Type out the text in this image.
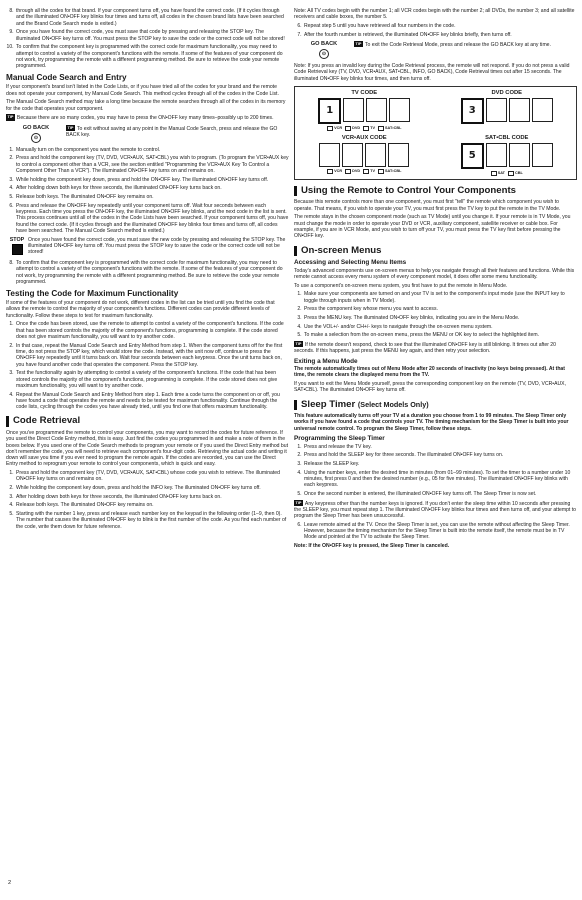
8. through all the codes for that brand. If your component turns off, you have found the correct code. (If it cycles through and the illuminated ON•OFF key blinks four times and turns off, all codes in the chosen brand lists have been searched and the Brand Code Search mode is exited.)
9. Once you have found the correct code, you must save that code by pressing and releasing the STOP key. The illuminated ON•OFF key turns off. You must press the STOP key to save the code or the correct code will not be stored!
10. To confirm that the component key is programmed with the correct code for maximum functionality, you may need to attempt to control a variety of the component's functions with the remote. If some of the features of your component do not work, try programming the remote with a different programming method. Be sure to retrieve the code your remote programmed.
Manual Code Search and Entry

If your component's brand isn't listed in the Code Lists, or if you have tried all of the codes for your brand and the remote does not operate your component, try Manual Code Search. This method cycles through all of the codes in the Code List.

The Manual Code Search method may take a long time because the remote searches through all of the codes in its memory for the code that operates your component.

TIP Because there are so many codes, you may have to press the ON•OFF key many times–possibly up to 200 times.

GO BACK
⊙
TIP To exit without saving at any point in the Manual Code Search, press and release the GO BACK key.
1. Manually turn on the component you want the remote to control.
2. Press and hold the component key (TV, DVD, VCR•AUX, SAT•CBL) you wish to program. (To program the VCR•AUX key to control a component other than a VCR, see the section entitled "Programming the VCR•AUX Key To Control a Component Other Than a VCR"). The illuminated ON•OFF key turns on and remains on.
3. While holding the component key down, press and hold the ON•OFF key. The illuminated ON•OFF key turns off.
4. After holding down both keys for three seconds, the illuminated ON•OFF key turns back on.
5. Release both keys. The illuminated ON•OFF key remains on.
6. Press and release the ON•OFF key repeatedly until your component turns off. Wait four seconds between each keypress. Each time you press the ON•OFF key, the illuminated ON•OFF key blinks, and the next code in the list is sent. This process continues until all of the codes in the Code Lists have been searched. If your component turns off, you have found the correct code. (If it cycles through and the illuminated ON•OFF key blinks four times and turns off, all codes have been searched. The Manual Code Search method is exited.)
STOP Once you have found the correct code, you must save the new code by pressing and releasing the STOP key. The illuminated ON•OFF key turns off. You must press the STOP key to save the code or the correct code will not be stored!

8. To confirm that the component key is programmed with the correct code for maximum functionality, you may need to attempt to control a variety of the component's functions with the remote. If some of the features of your component do not work, try programming the remote with a different programming method. Be sure to retrieve the code your remote programmed.
Testing the Code for Maximum Functionality

If some of the features of your component do not work, different codes in the list can be tried until you find the code that allows the remote to control the majority of your component's functions. Different codes can provide different levels of functionality. Follow these steps to test for maximum functionality.

1. Once the code has been stored, use the remote to attempt to control a variety of the component's functions. If the code that has been stored controls the majority of the component's functions, programming is complete. If the code stored does not give maximum functionality, you will want to try another code.
2. In that case, repeat the Manual Code Search and Entry Method from step 1. When the component turns off for the first time, do not press the STOP key, which would store the code. Instead, with the unit now off, continue to press the ON•OFF key repeatedly until it turns back on. Wait four seconds between each keypress. Once the unit turns back on, you have found another code that operates the component. Press the STOP key.
3. Test the functionality again by attempting to control a variety of the component's functions. If the code that has been stored controls the majority of the component's functions, programming is complete. If the code stored does not give maximum functionality, you will want to try another code.
4. Repeat the Manual Code Search and Entry Method from step 1. Each time a code turns the component on or off, you have found a code that operates the remote and needs to be tested for maximum functionality. Continue through the code lists, cycling through the codes you have already tried, until you find one that offers maximum functionality.
Code Retrieval

Once you've programmed the remote to control your components, you may want to record the codes for future reference. If you used the Direct Code Entry method, this is easy. Just find the codes you programmed in and make a note of them in the boxes below. If you used one of the Code Search methods to program your remote or if you used the Direct Entry method but don't remember the code, you will need to retrieve each component's four-digit code. Retrieving the actual code and writing it down will save you time if you ever need to program the remote again. If the codes are recorded, you can use the Direct Entry method to reprogram your remote to control your components, which is quick and easy.

1. Press and hold the component key (TV, DVD, VCR•AUX, SAT•CBL) whose code you wish to retrieve. The illuminated ON•OFF key turns on and remains on.
2. While holding the component key down, press and hold the INFO key. The illuminated ON•OFF key turns off.
3. After holding down both keys for three seconds, the illuminated ON•OFF key turns back on.
4. Release both keys. The illuminated ON•OFF key remains on.
5. Starting with the number 1 key, press and release each number key on the keypad in the following order (1–9, then 0). The number that causes the illuminated ON•OFF key to blink is the first number of the code. As you find each number of the code, write them down for future reference.

Note: All TV codes begin with the number 1; all VCR codes begin with the number 2; all DVDs, the number 3; and all satellite receivers and cable boxes, the number 5.

6. Repeat step 5 until you have retrieved all four numbers in the code.
7. After the fourth number is retrieved, the illuminated ON•OFF key blinks briefly, then turns off.
GO BACK
⊙
TIP To exit the Code Retrieval Mode, press and release the GO BACK key at any time.

Note: If you press an invalid key during the Code Retrieval process, the remote will not respond. If you do not press a valid Code Retrieval key (TV, DVD, VCR•AUX, SAT•CBL, INFO, GO BACK), Code Retrieval times out after 15 seconds. The illuminated ON•OFF key blinks four times, and then turns off.

TV CODE
1
VCR	DVD	TV	SAT•CBL
DVD CODE
3
VCR•AUX CODE
VCR	DVD	TV	SAT•CBL
SAT•CBL CODE
5
SAT	CBL
Using the Remote to Control Your Components

Because this remote controls more than one component, you must first "tell" the remote which component you wish to operate. That means, if you wish to operate your TV, you must first press the TV key to put the remote in the TV Mode.

The remote stays in the chosen component mode (such as TV Mode) until you change it. If your remote is in TV Mode, you must change the mode in order to operate your DVD or VCR, auxiliary component, satellite receiver or cable box. For example, if you are in VCR Mode, and you wish to turn off your TV, you must press the TV key first before pressing the ON•OFF key.

On-screen Menus
Accessing and Selecting Menu Items

Today's advanced components use on-screen menus to help you navigate through all their features and functions. While this remote cannot access every menu system of every component model, it does offer some menu functionality.

To use a component's on-screen menu system, you first have to put the remote in Menu Mode.

1. Make sure your components are turned on and your TV is set to the component's input mode (use the INPUT key to toggle through inputs when in TV Mode).
2. Press the component key whose menu you want to access.
3. Press the MENU key. The illuminated ON•OFF key blinks, indicating you are in the Menu Mode.
4. Use the VOL+/- and/or CH+/- keys to navigate through the on-screen menu system.
5. To make a selection from the on-screen menu, press the MENU or OK key to select the highlighted item.

TIP If the remote doesn't respond, check to see that the illuminated ON•OFF key is still blinking. It times out after 20 seconds. If this happens, just press the MENU key again, and then retry your selection.

Exiting a Menu Mode

The remote automatically times out of Menu Mode after 20 seconds of inactivity (no keys being pressed). At that time, the remote clears the displayed menu from the TV.

If you want to exit the Menu Mode yourself, press the corresponding component key on the remote (TV, DVD, VCR•AUX, SAT•CBL). The illuminated ON•OFF key turns off.

Sleep Timer (Select Models Only)

This feature automatically turns off your TV at a duration you choose from 1 to 99 minutes. The Sleep Timer only works if you have found a code that controls your TV. The timing mechanism for the Sleep Timer is built into your universal remote control. To program the Sleep Timer, follow these steps.

Programming the Sleep Timer
1. Press and release the TV key.
2. Press and hold the SLEEP key for three seconds. The illuminated ON•OFF key turns on.
3. Release the SLEEP key.
4. Using the number keys, enter the desired time in minutes (from 01–99 minutes). To set the timer to a number under 10 minutes, first press 0 and then the desired number (e.g., 05 for five minutes). The illuminated ON•OFF key blinks with each keypress.
5. Once the second number is entered, the illuminated ON•OFF key turns off. The Sleep Timer is now set.

TIP Any keypress other than the number keys is ignored. If you don't enter the sleep time within 10 seconds after pressing the SLEEP key, you must repeat step 1. The illuminated ON•OFF key blinks four times and then turns off, and your attempt to program the Sleep Timer has been unsuccessful.

6. Leave remote aimed at the TV. Once the Sleep Timer is set, you can use the remote without affecting the Sleep Timer. However, because the timing mechanism for the Sleep Timer is built into the remote itself, the remote must be in TV Mode and pointed at the TV to activate the Sleep Timer.

Note: If the ON•OFF key is pressed, the Sleep Timer is canceled.

2
